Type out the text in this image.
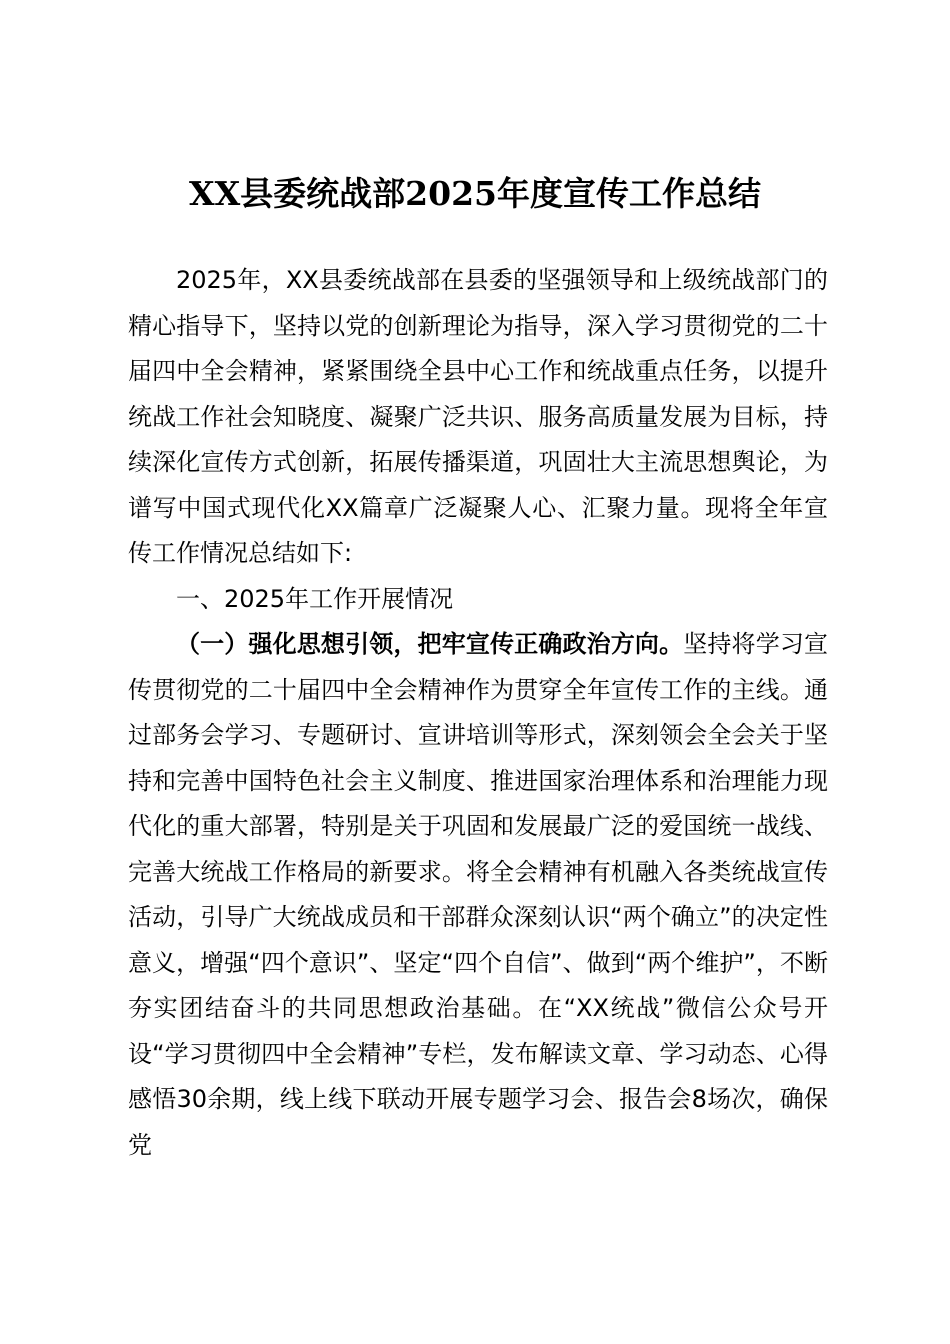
XX县委统战部2025年度宣传工作总结

2025年，XX县委统战部在县委的坚强领导和上级统战部门的精心指导下，坚持以党的创新理论为指导，深入学习贯彻党的二十届四中全会精神，紧紧围绕全县中心工作和统战重点任务，以提升统战工作社会知晓度、凝聚广泛共识、服务高质量发展为目标，持续深化宣传方式创新，拓展传播渠道，巩固壮大主流思想舆论，为谱写中国式现代化XX篇章广泛凝聚人心、汇聚力量。现将全年宣传工作情况总结如下:

一、2025年工作开展情况

（一）强化思想引领，把牢宣传正确政治方向。坚持将学习宣传贯彻党的二十届四中全会精神作为贯穿全年宣传工作的主线。通过部务会学习、专题研讨、宣讲培训等形式，深刻领会全会关于坚持和完善中国特色社会主义制度、推进国家治理体系和治理能力现代化的重大部署，特别是关于巩固和发展最广泛的爱国统一战线、完善大统战工作格局的新要求。将全会精神有机融入各类统战宣传活动，引导广大统战成员和干部群众深刻认识“两个确立”的决定性意义，增强“四个意识”、坚定“四个自信”、做到“两个维护”，不断夯实团结奋斗的共同思想政治基础。在“XX统战”微信公众号开设“学习贯彻四中全会精神”专栏，发布解读文章、学习动态、心得感悟30余期，线上线下联动开展专题学习会、报告会8场次，确保党
